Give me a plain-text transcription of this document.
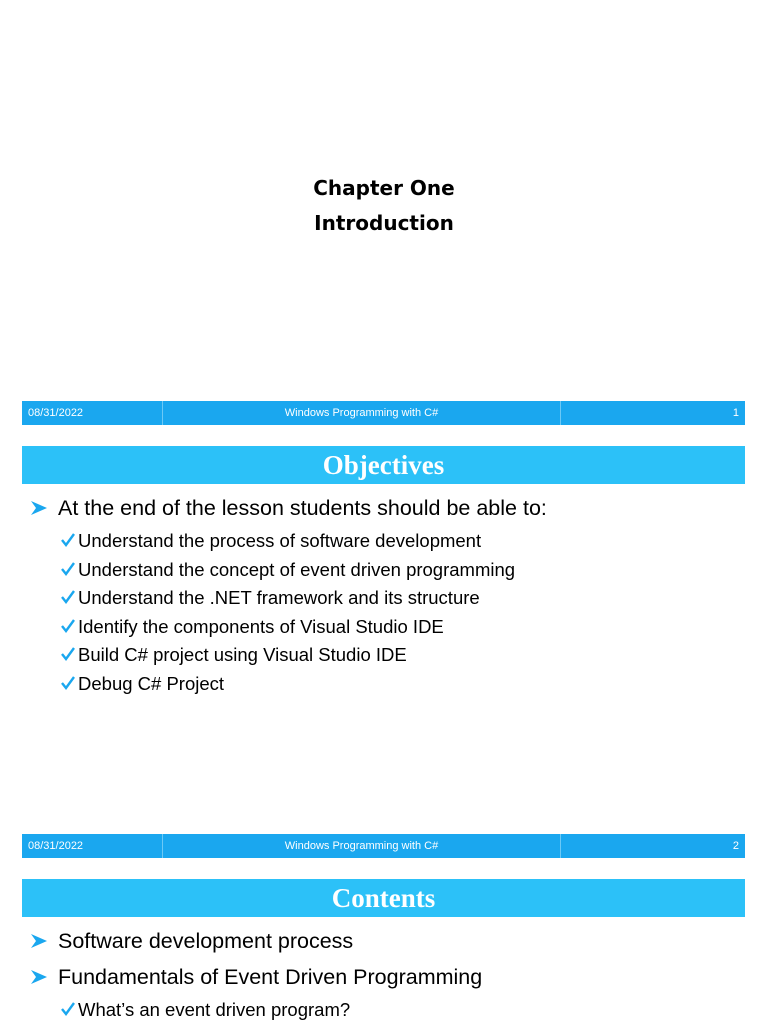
Chapter One
Introduction
08/31/2022	Windows Programming with C#	1
Objectives
At the end of the lesson students should be able to:
Understand the process of software development
Understand the concept of event driven programming
Understand the .NET framework and its structure
Identify the components of Visual Studio IDE
Build C# project using Visual Studio IDE
Debug C# Project
08/31/2022	Windows Programming with C#	2
Contents
Software development process
Fundamentals of Event Driven Programming
What’s an event driven program?
